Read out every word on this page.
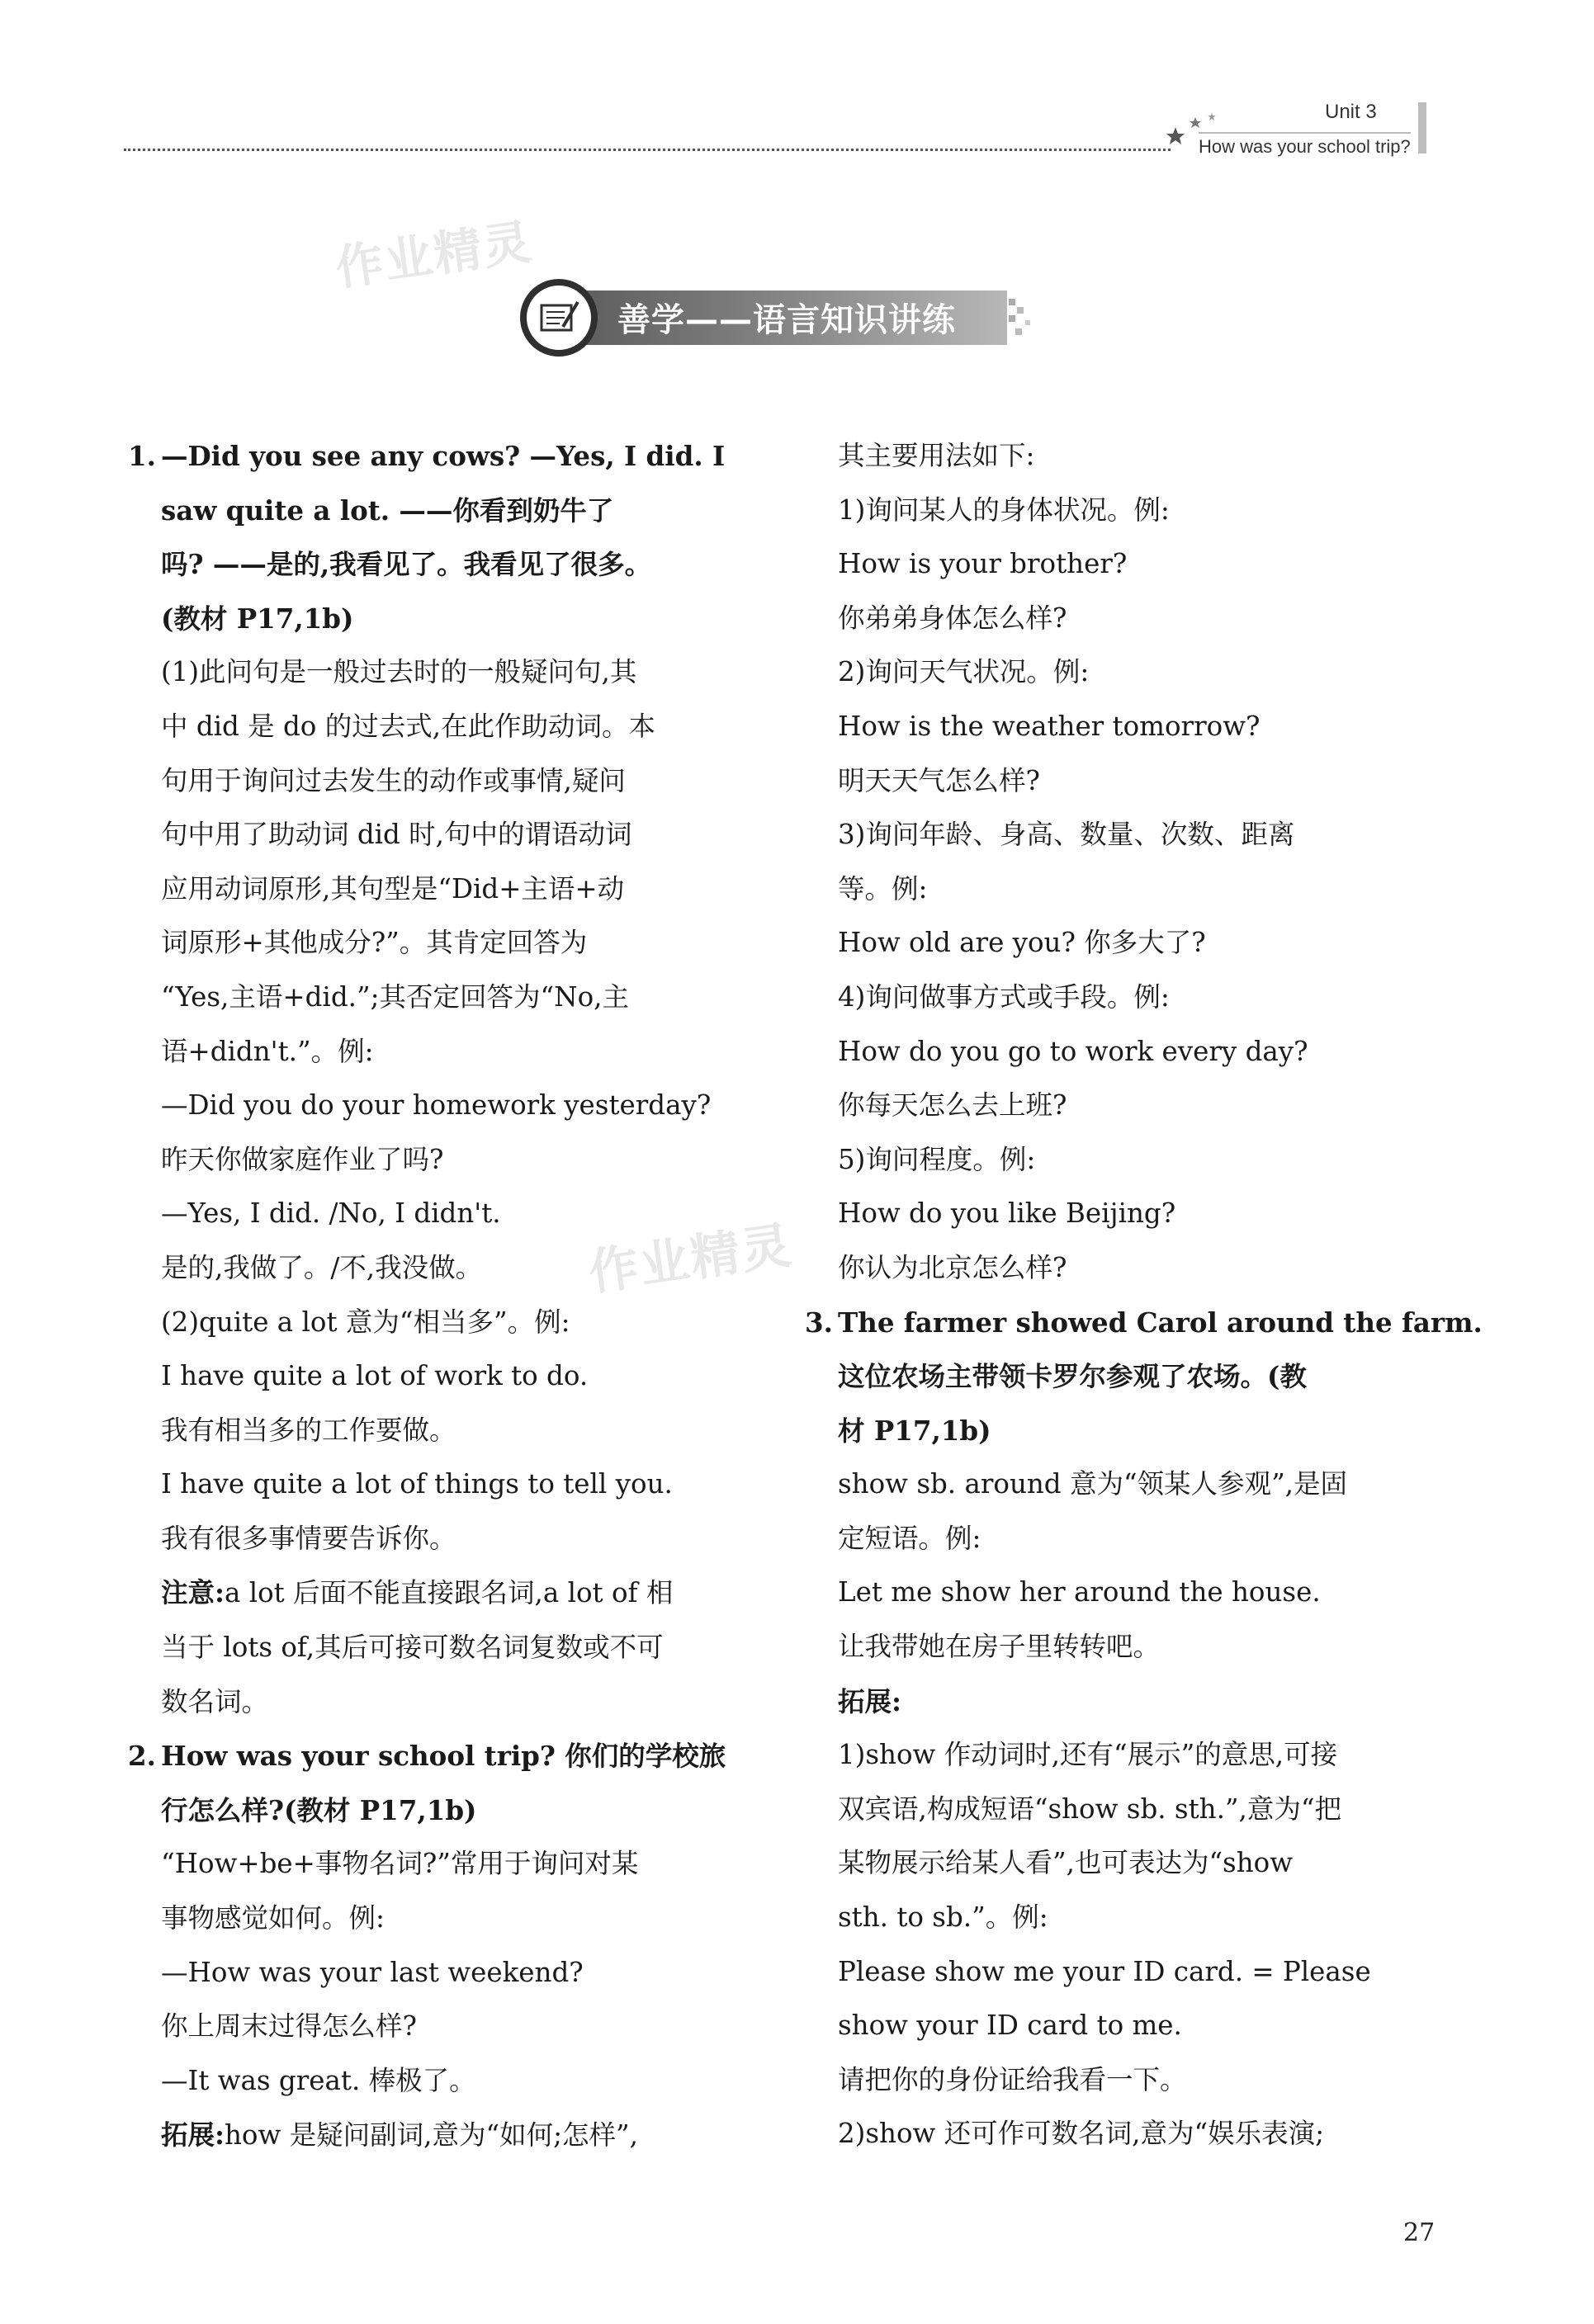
Unit 3
How was your school trip?
作业精灵
作业精灵
善学——语言知识讲练

1. —Did you see any cows? —Yes, I did. I

saw quite a lot. ——你看到奶牛了

吗? ——是的,我看见了。我看见了很多。

(教材 P17,1b)

(1)此问句是一般过去时的一般疑问句,其

中 did 是 do 的过去式,在此作助动词。本

句用于询问过去发生的动作或事情,疑问

句中用了助动词 did 时,句中的谓语动词

应用动词原形,其句型是“Did+主语+动

词原形+其他成分?”。其肯定回答为

“Yes,主语+did.”;其否定回答为“No,主

语+didn't.”。例:

—Did you do your homework yesterday?

昨天你做家庭作业了吗?

—Yes, I did. /No, I didn't.

是的,我做了。/不,我没做。

(2)quite a lot 意为“相当多”。例:

I have quite a lot of work to do.

我有相当多的工作要做。

I have quite a lot of things to tell you.

我有很多事情要告诉你。

注意:a lot 后面不能直接跟名词,a lot of 相

当于 lots of,其后可接可数名词复数或不可

数名词。

2. How was your school trip? 你们的学校旅

行怎么样?(教材 P17,1b)

“How+be+事物名词?”常用于询问对某

事物感觉如何。例:

—How was your last weekend?

你上周末过得怎么样?

—It was great. 棒极了。

拓展:how 是疑问副词,意为“如何;怎样”,

其主要用法如下:

1)询问某人的身体状况。例:

How is your brother?

你弟弟身体怎么样?

2)询问天气状况。例:

How is the weather tomorrow?

明天天气怎么样?

3)询问年龄、身高、数量、次数、距离

等。例:

How old are you? 你多大了?

4)询问做事方式或手段。例:

How do you go to work every day?

你每天怎么去上班?

5)询问程度。例:

How do you like Beijing?

你认为北京怎么样?

3. The farmer showed Carol around the farm.

这位农场主带领卡罗尔参观了农场。(教

材 P17,1b)

show sb. around 意为“领某人参观”,是固

定短语。例:

Let me show her around the house.

让我带她在房子里转转吧。

拓展:

1)show 作动词时,还有“展示”的意思,可接

双宾语,构成短语“show sb. sth.”,意为“把

某物展示给某人看”,也可表达为“show

sth. to sb.”。例:

Please show me your ID card. = Please

show your ID card to me.

请把你的身份证给我看一下。

2)show 还可作可数名词,意为“娱乐表演;

27
